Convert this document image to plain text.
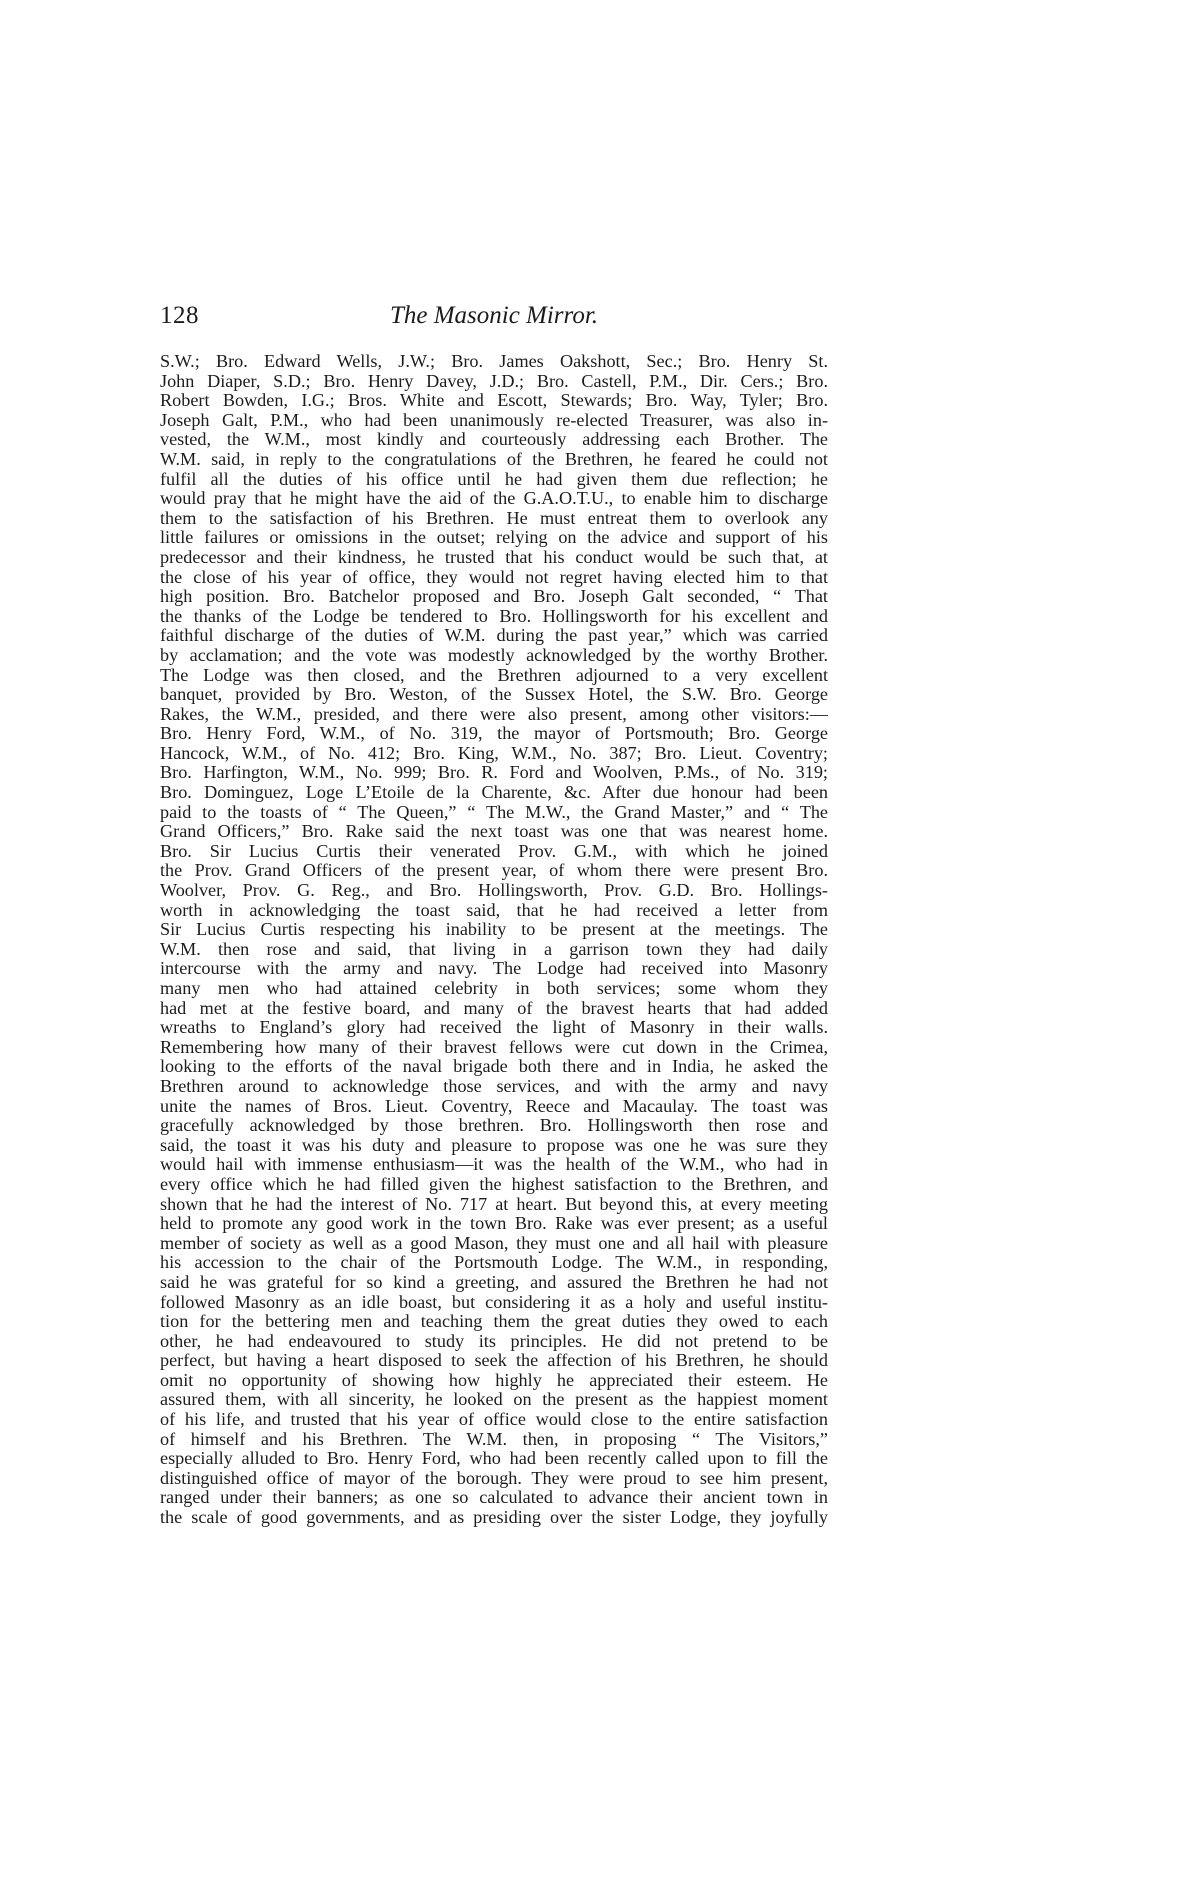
128	The Masonic Mirror.
S.W.; Bro. Edward Wells, J.W.; Bro. James Oakshott, Sec.; Bro. Henry St.
John Diaper, S.D.; Bro. Henry Davey, J.D.; Bro. Castell, P.M., Dir. Cers.; Bro.
Robert Bowden, I.G.; Bros. White and Escott, Stewards; Bro. Way, Tyler; Bro.
Joseph Galt, P.M., who had been unanimously re-elected Treasurer, was also in-
vested, the W.M., most kindly and courteously addressing each Brother. The
W.M. said, in reply to the congratulations of the Brethren, he feared he could not
fulfil all the duties of his office until he had given them due reflection; he
would pray that he might have the aid of the G.A.O.T.U., to enable him to discharge
them to the satisfaction of his Brethren. He must entreat them to overlook any
little failures or omissions in the outset; relying on the advice and support of his
predecessor and their kindness, he trusted that his conduct would be such that, at
the close of his year of office, they would not regret having elected him to that
high position. Bro. Batchelor proposed and Bro. Joseph Galt seconded, “ That
the thanks of the Lodge be tendered to Bro. Hollingsworth for his excellent and
faithful discharge of the duties of W.M. during the past year,” which was carried
by acclamation; and the vote was modestly acknowledged by the worthy Brother.
The Lodge was then closed, and the Brethren adjourned to a very excellent
banquet, provided by Bro. Weston, of the Sussex Hotel, the S.W. Bro. George
Rakes, the W.M., presided, and there were also present, among other visitors:—
Bro. Henry Ford, W.M., of No. 319, the mayor of Portsmouth; Bro. George
Hancock, W.M., of No. 412; Bro. King, W.M., No. 387; Bro. Lieut. Coventry;
Bro. Harfington, W.M., No. 999; Bro. R. Ford and Woolven, P.Ms., of No. 319;
Bro. Dominguez, Loge L’Etoile de la Charente, &c. After due honour had been
paid to the toasts of “ The Queen,” “ The M.W., the Grand Master,” and “ The
Grand Officers,” Bro. Rake said the next toast was one that was nearest home.
Bro. Sir Lucius Curtis their venerated Prov. G.M., with which he joined
the Prov. Grand Officers of the present year, of whom there were present Bro.
Woolver, Prov. G. Reg., and Bro. Hollingsworth, Prov. G.D. Bro. Hollings-
worth in acknowledging the toast said, that he had received a letter from
Sir Lucius Curtis respecting his inability to be present at the meetings. The
W.M. then rose and said, that living in a garrison town they had daily
intercourse with the army and navy. The Lodge had received into Masonry
many men who had attained celebrity in both services; some whom they
had met at the festive board, and many of the bravest hearts that had added
wreaths to England’s glory had received the light of Masonry in their walls.
Remembering how many of their bravest fellows were cut down in the Crimea,
looking to the efforts of the naval brigade both there and in India, he asked the
Brethren around to acknowledge those services, and with the army and navy
unite the names of Bros. Lieut. Coventry, Reece and Macaulay. The toast was
gracefully acknowledged by those brethren. Bro. Hollingsworth then rose and
said, the toast it was his duty and pleasure to propose was one he was sure they
would hail with immense enthusiasm—it was the health of the W.M., who had in
every office which he had filled given the highest satisfaction to the Brethren, and
shown that he had the interest of No. 717 at heart. But beyond this, at every meeting
held to promote any good work in the town Bro. Rake was ever present; as a useful
member of society as well as a good Mason, they must one and all hail with pleasure
his accession to the chair of the Portsmouth Lodge. The W.M., in responding,
said he was grateful for so kind a greeting, and assured the Brethren he had not
followed Masonry as an idle boast, but considering it as a holy and useful institu-
tion for the bettering men and teaching them the great duties they owed to each
other, he had endeavoured to study its principles. He did not pretend to be
perfect, but having a heart disposed to seek the affection of his Brethren, he should
omit no opportunity of showing how highly he appreciated their esteem. He
assured them, with all sincerity, he looked on the present as the happiest moment
of his life, and trusted that his year of office would close to the entire satisfaction
of himself and his Brethren. The W.M. then, in proposing “ The Visitors,”
especially alluded to Bro. Henry Ford, who had been recently called upon to fill the
distinguished office of mayor of the borough. They were proud to see him present,
ranged under their banners; as one so calculated to advance their ancient town in
the scale of good governments, and as presiding over the sister Lodge, they joyfully
